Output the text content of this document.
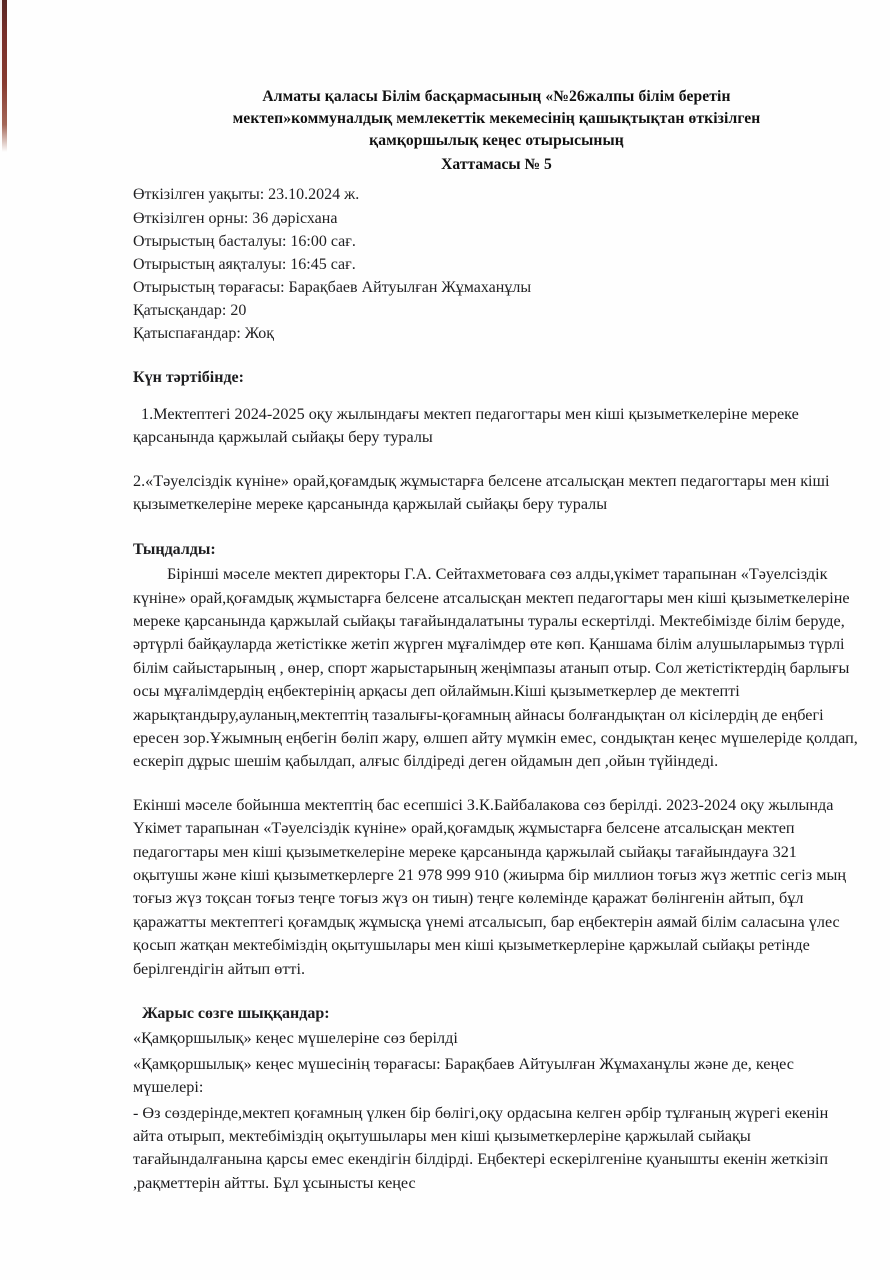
Алматы қаласы Білім басқармасының «№26жалпы білім беретін
мектеп»коммуналдық мемлекеттік мекемесінің қашықтықтан өткізілген
қамқоршылық кеңес отырысының
Хаттамасы № 5
Өткізілген уақыты: 23.10.2024 ж.
Өткізілген орны: 36 дәрісхана
Отырыстың басталуы: 16:00 сағ.
Отырыстың аяқталуы: 16:45 сағ.
Отырыстың төрағасы: Барақбаев Айтуылған Жұмаханұлы
Қатысқандар: 20
Қатыспағандар: Жоқ
Күн тәртібінде:

1.Мектептегі 2024-2025 оқу жылындағы мектеп педагогтары мен кіші қызыметкелеріне мереке қарсанында қаржылай сыйақы беру туралы

2.«Тәуелсіздік күніне» орай,қоғамдық жұмыстарға белсене атсалысқан мектеп педагогтары мен кіші қызыметкелеріне мереке қарсанында қаржылай сыйақы беру туралы

Тыңдалды:

Бірінші мәселе мектеп директоры Г.А. Сейтахметоваға сөз алды,үкімет тарапынан «Тәуелсіздік күніне» орай,қоғамдық жұмыстарға белсене атсалысқан мектеп педагогтары мен кіші қызыметкелеріне мереке қарсанында қаржылай сыйақы тағайындалатыны туралы ескертілді. Мектебімізде білім беруде, әртүрлі байқауларда жетістікке жетіп жүрген мұғалімдер өте көп. Қаншама білім алушыларымыз түрлі білім сайыстарының , өнер, спорт жарыстарының жеңімпазы атанып отыр. Сол жетістіктердің барлығы осы мұғалімдердің еңбектерінің арқасы деп ойлаймын.Кіші қызыметкерлер де мектепті жарықтандыру,ауланың,мектептің тазалығы-қоғамның айнасы болғандықтан ол кісілердің де еңбегі ересен зор.Ұжымның еңбегін бөліп жару, өлшеп айту мүмкін емес, сондықтан кеңес мүшелеріде қолдап, ескеріп дұрыс шешім қабылдап, алғыс білдіреді деген ойдамын деп ,ойын түйіндеді.

Екінші мәселе бойынша мектептің бас есепшісі З.К.Байбалакова сөз берілді. 2023-2024 оқу жылында Үкімет тарапынан «Тәуелсіздік күніне» орай,қоғамдық жұмыстарға белсене атсалысқан мектеп педагогтары мен кіші қызыметкелеріне мереке қарсанында қаржылай сыйақы тағайындауға 321 оқытушы және кіші қызыметкерлерге 21 978 999 910 (жиырма бір миллион тоғыз жүз жетпіс сегіз мың тоғыз жүз тоқсан тоғыз теңге тоғыз жүз он тиын) теңге көлемінде қаражат бөлінгенін айтып, бұл қаражатты мектептегі қоғамдық жұмысқа үнемі атсалысып, бар еңбектерін аямай білім саласына үлес қосып жатқан мектебіміздің оқытушылары мен кіші қызыметкерлеріне қаржылай сыйақы ретінде берілгендігін айтып өтті.

Жарыс сөзге шыққандар:

«Қамқоршылық» кеңес мүшелеріне сөз берілді

«Қамқоршылық» кеңес мүшесінің төрағасы: Барақбаев Айтуылған Жұмаханұлы және де, кеңес мүшелері:

- Өз сөздерінде,мектеп қоғамның үлкен бір бөлігі,оқу ордасына келген әрбір тұлғаның жүрегі екенін айта отырып, мектебіміздің оқытушылары мен кіші қызыметкерлеріне қаржылай сыйақы тағайындалғанына қарсы емес екендігін білдірді. Еңбектері ескерілгеніне қуанышты екенін жеткізіп ,рақметтерін айтты. Бұл ұсынысты кеңес
